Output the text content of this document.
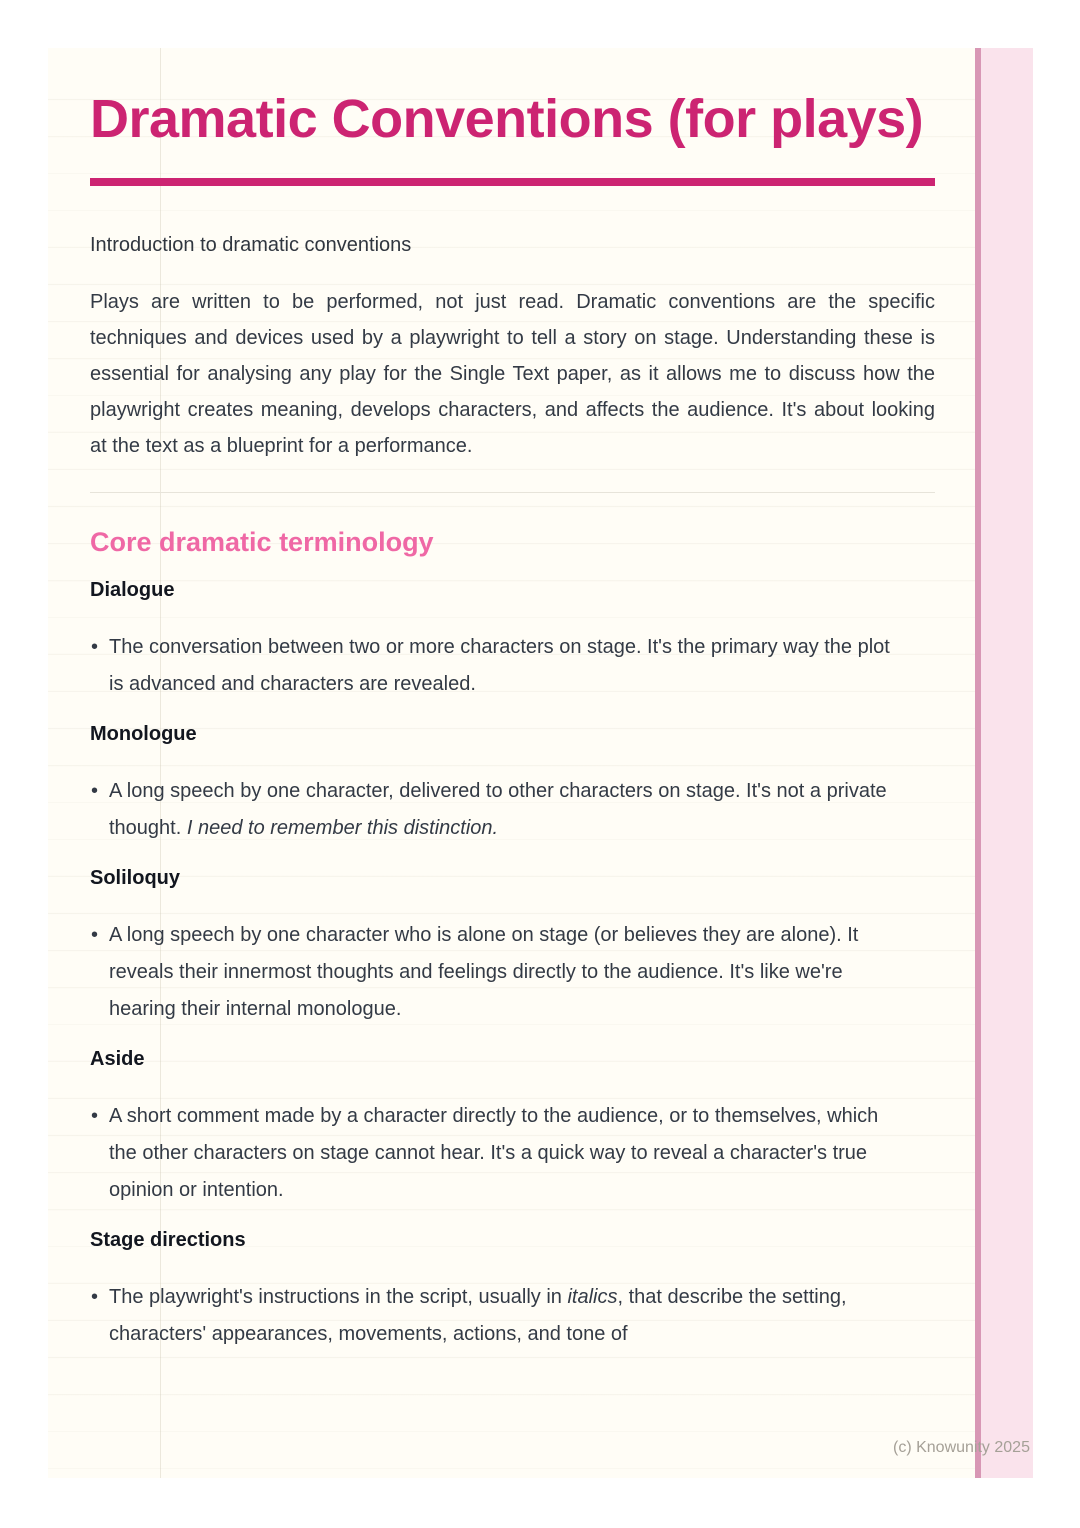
Dramatic Conventions (for plays)
Introduction to dramatic conventions
Plays are written to be performed, not just read. Dramatic conventions are the specific techniques and devices used by a playwright to tell a story on stage. Understanding these is essential for analysing any play for the Single Text paper, as it allows me to discuss how the playwright creates meaning, develops characters, and affects the audience. It's about looking at the text as a blueprint for a performance.
Core dramatic terminology
Dialogue
• The conversation between two or more characters on stage. It's the primary way the plot is advanced and characters are revealed.
Monologue
• A long speech by one character, delivered to other characters on stage. It's not a private thought. I need to remember this distinction.
Soliloquy
• A long speech by one character who is alone on stage (or believes they are alone). It reveals their innermost thoughts and feelings directly to the audience. It's like we're hearing their internal monologue.
Aside
• A short comment made by a character directly to the audience, or to themselves, which the other characters on stage cannot hear. It's a quick way to reveal a character's true opinion or intention.
Stage directions
• The playwright's instructions in the script, usually in italics, that describe the setting, characters' appearances, movements, actions, and tone of
(c) Knowunity 2025
